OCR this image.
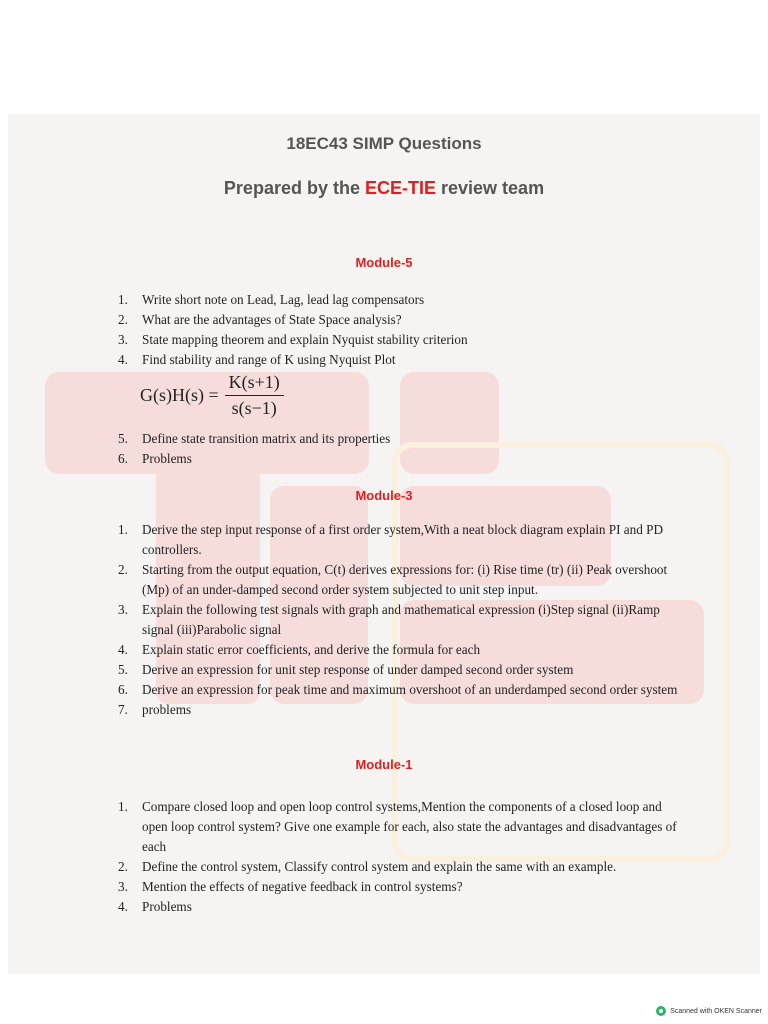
18EC43 SIMP Questions
Prepared by the ECE-TIE review team
Module-5
1. Write short note on Lead, Lag, lead lag compensators
2. What are the advantages of State Space analysis?
3. State mapping theorem and explain Nyquist stability criterion
4. Find stability and range of K using Nyquist Plot
$G(s)H(s) = \frac{K(s+1)}{s(s-1)}$
5. Define state transition matrix and its properties
6. Problems
Module-3
1. Derive the step input response of a first order system,With a neat block diagram explain PI and PD controllers.
2. Starting from the output equation, C(t) derives expressions for: (i) Rise time (tr) (ii) Peak overshoot (Mp) of an under-damped second order system subjected to unit step input.
3. Explain the following test signals with graph and mathematical expression (i)Step signal (ii)Ramp signal (iii)Parabolic signal
4. Explain static error coefficients, and derive the formula for each
5. Derive an expression for unit step response of under damped second order system
6. Derive an expression for peak time and maximum overshoot of an underdamped second order system
7. problems
Module-1
1. Compare closed loop and open loop control systems,Mention the components of a closed loop and open loop control system? Give one example for each, also state the advantages and disadvantages of each
2. Define the control system, Classify control system and explain the same with an example.
3. Mention the effects of negative feedback in control systems?
4. Problems
Scanned with OKEN Scanner
